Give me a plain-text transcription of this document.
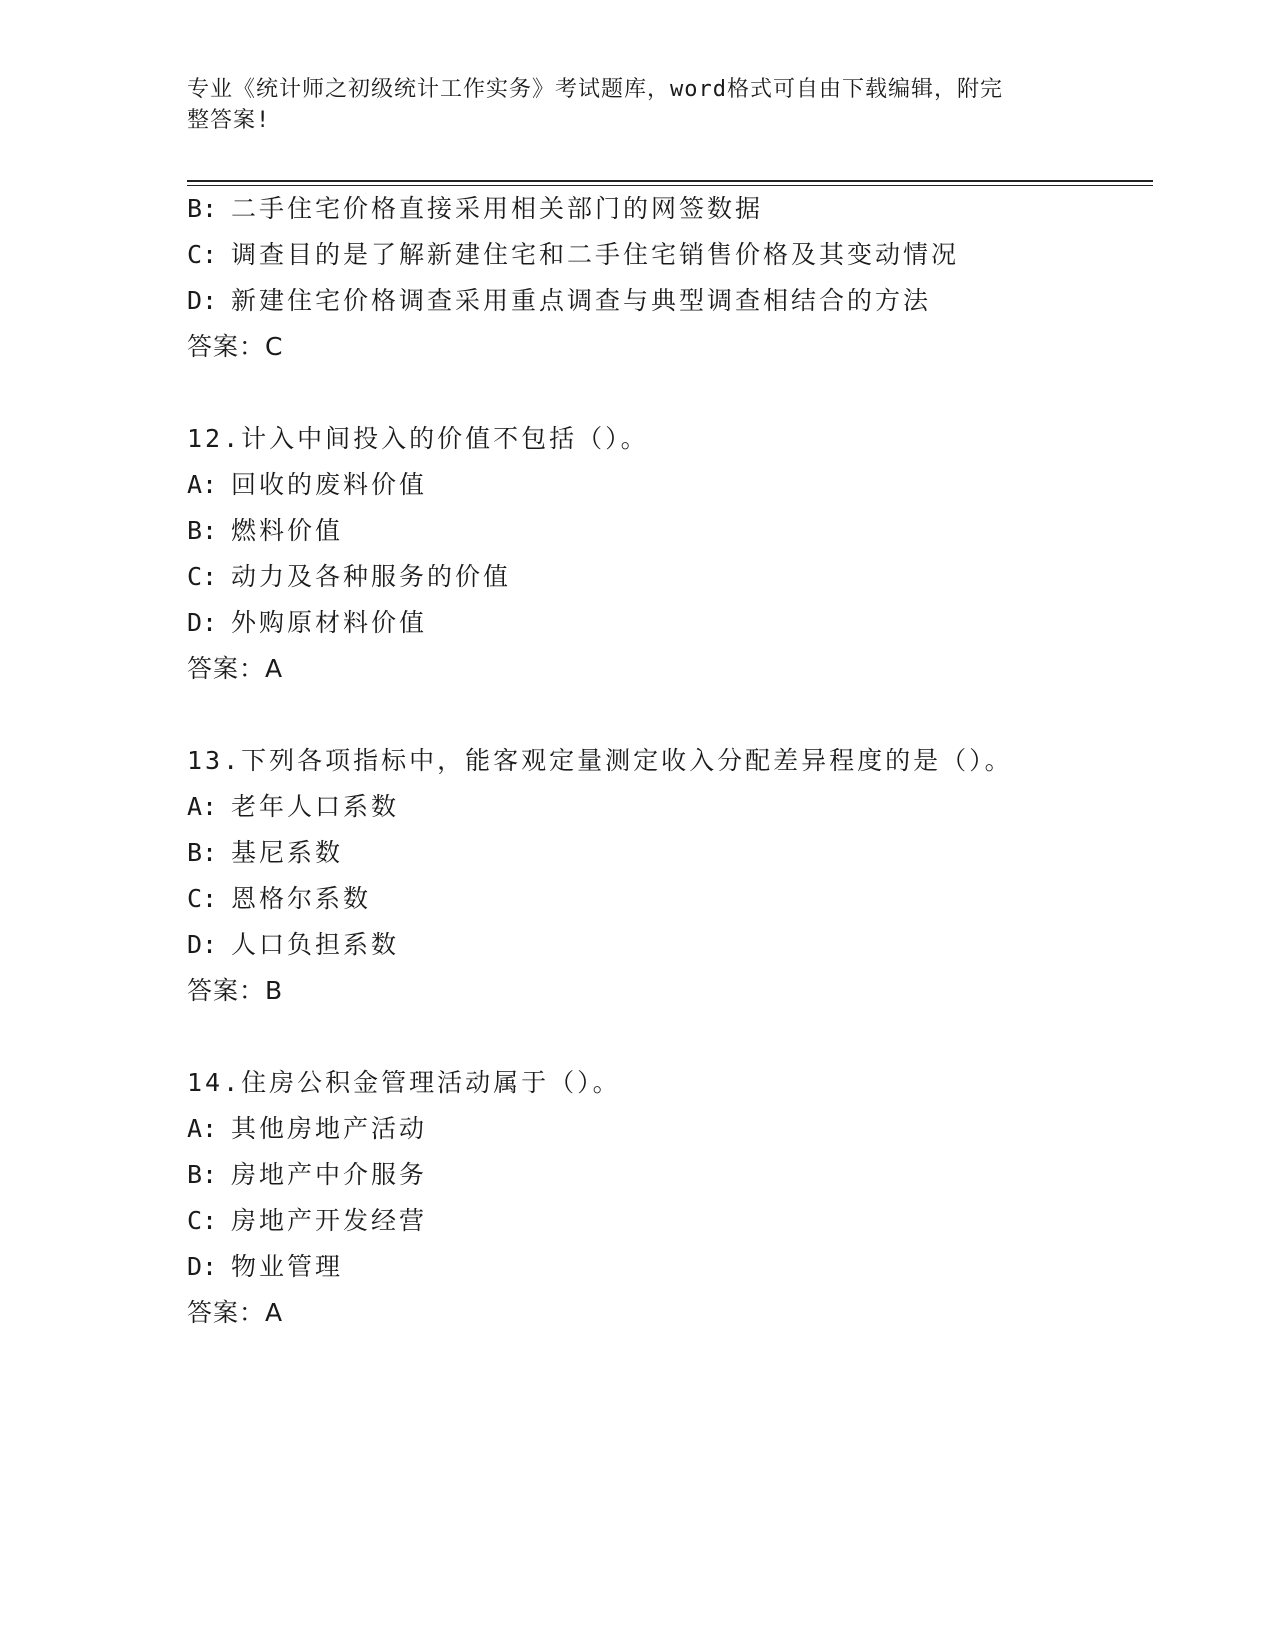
专业《统计师之初级统计工作实务》考试题库，word格式可自由下载编辑，附完
整答案!
B: 二手住宅价格直接采用相关部门的网签数据
C: 调查目的是了解新建住宅和二手住宅销售价格及其变动情况
D: 新建住宅价格调查采用重点调查与典型调查相结合的方法
答案：C
12.计入中间投入的价值不包括（）。
A: 回收的废料价值
B: 燃料价值
C: 动力及各种服务的价值
D: 外购原材料价值
答案：A
13.下列各项指标中，能客观定量测定收入分配差异程度的是（）。
A: 老年人口系数
B: 基尼系数
C: 恩格尔系数
D: 人口负担系数
答案：B
14.住房公积金管理活动属于（）。
A: 其他房地产活动
B: 房地产中介服务
C: 房地产开发经营
D: 物业管理
答案：A
